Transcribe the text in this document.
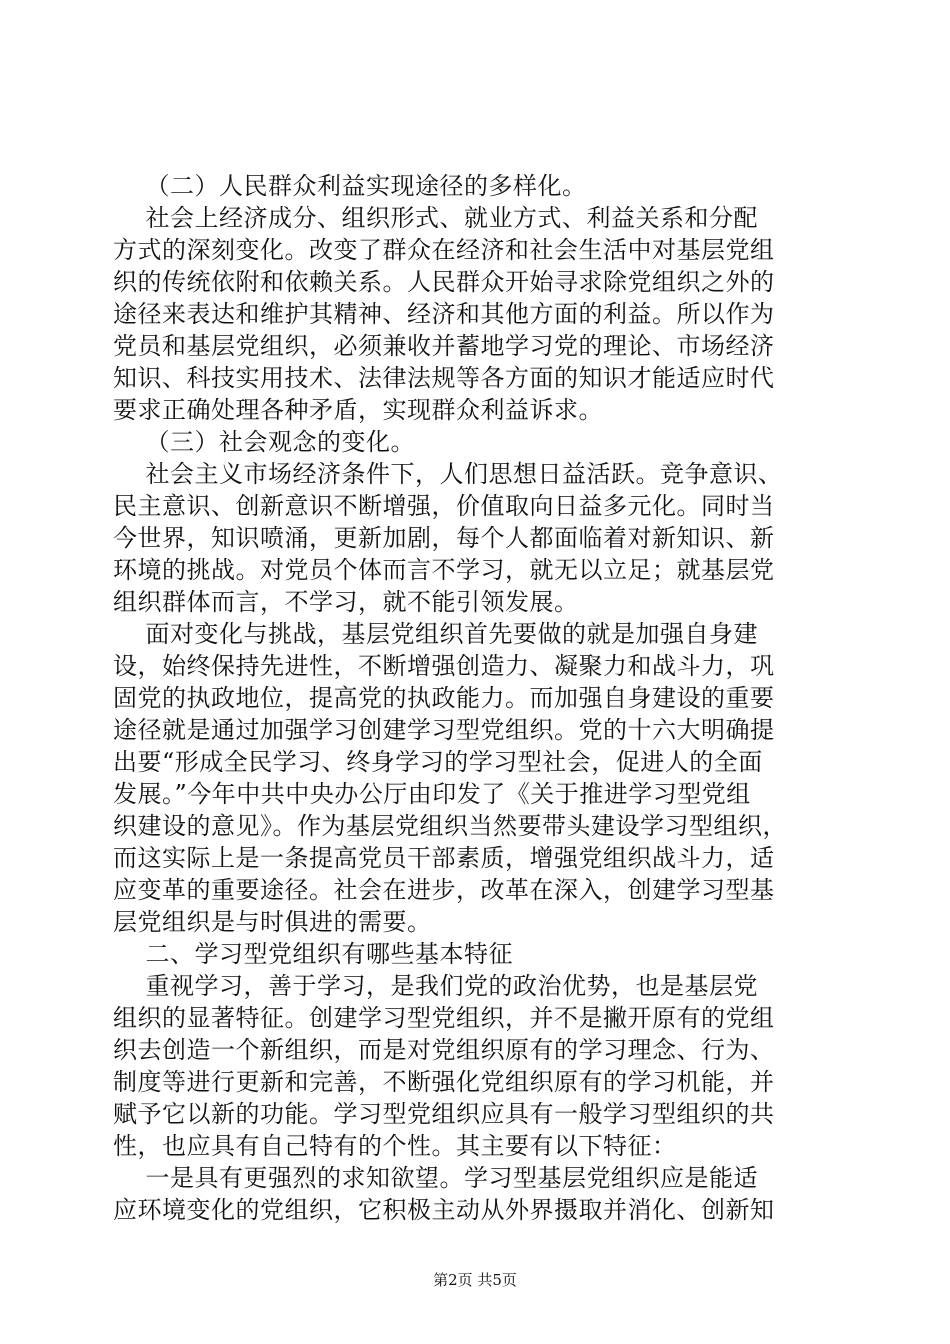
（二）人民群众利益实现途径的多样化。

社会上经济成分、组织形式、就业方式、利益关系和分配

方式的深刻变化。改变了群众在经济和社会生活中对基层党组

织的传统依附和依赖关系。人民群众开始寻求除党组织之外的

途径来表达和维护其精神、经济和其他方面的利益。所以作为

党员和基层党组织，必须兼收并蓄地学习党的理论、市场经济

知识、科技实用技术、法律法规等各方面的知识才能适应时代

要求正确处理各种矛盾，实现群众利益诉求。

（三）社会观念的变化。

社会主义市场经济条件下，人们思想日益活跃。竞争意识、

民主意识、创新意识不断增强，价值取向日益多元化。同时当

今世界，知识喷涌，更新加剧，每个人都面临着对新知识、新

环境的挑战。对党员个体而言不学习，就无以立足；就基层党

组织群体而言，不学习，就不能引领发展。

面对变化与挑战，基层党组织首先要做的就是加强自身建

设，始终保持先进性，不断增强创造力、凝聚力和战斗力，巩

固党的执政地位，提高党的执政能力。而加强自身建设的重要

途径就是通过加强学习创建学习型党组织。党的十六大明确提

出要“形成全民学习、终身学习的学习型社会，促进人的全面

发展。”今年中共中央办公厅由印发了《关于推进学习型党组

织建设的意见》。作为基层党组织当然要带头建设学习型组织，

而这实际上是一条提高党员干部素质，增强党组织战斗力，适

应变革的重要途径。社会在进步，改革在深入，创建学习型基

层党组织是与时俱进的需要。

二、学习型党组织有哪些基本特征

重视学习，善于学习，是我们党的政治优势，也是基层党

组织的显著特征。创建学习型党组织，并不是撇开原有的党组

织去创造一个新组织，而是对党组织原有的学习理念、行为、

制度等进行更新和完善，不断强化党组织原有的学习机能，并

赋予它以新的功能。学习型党组织应具有一般学习型组织的共

性，也应具有自己特有的个性。其主要有以下特征：

一是具有更强烈的求知欲望。学习型基层党组织应是能适

应环境变化的党组织，它积极主动从外界摄取并消化、创新知

第2页 共5页
